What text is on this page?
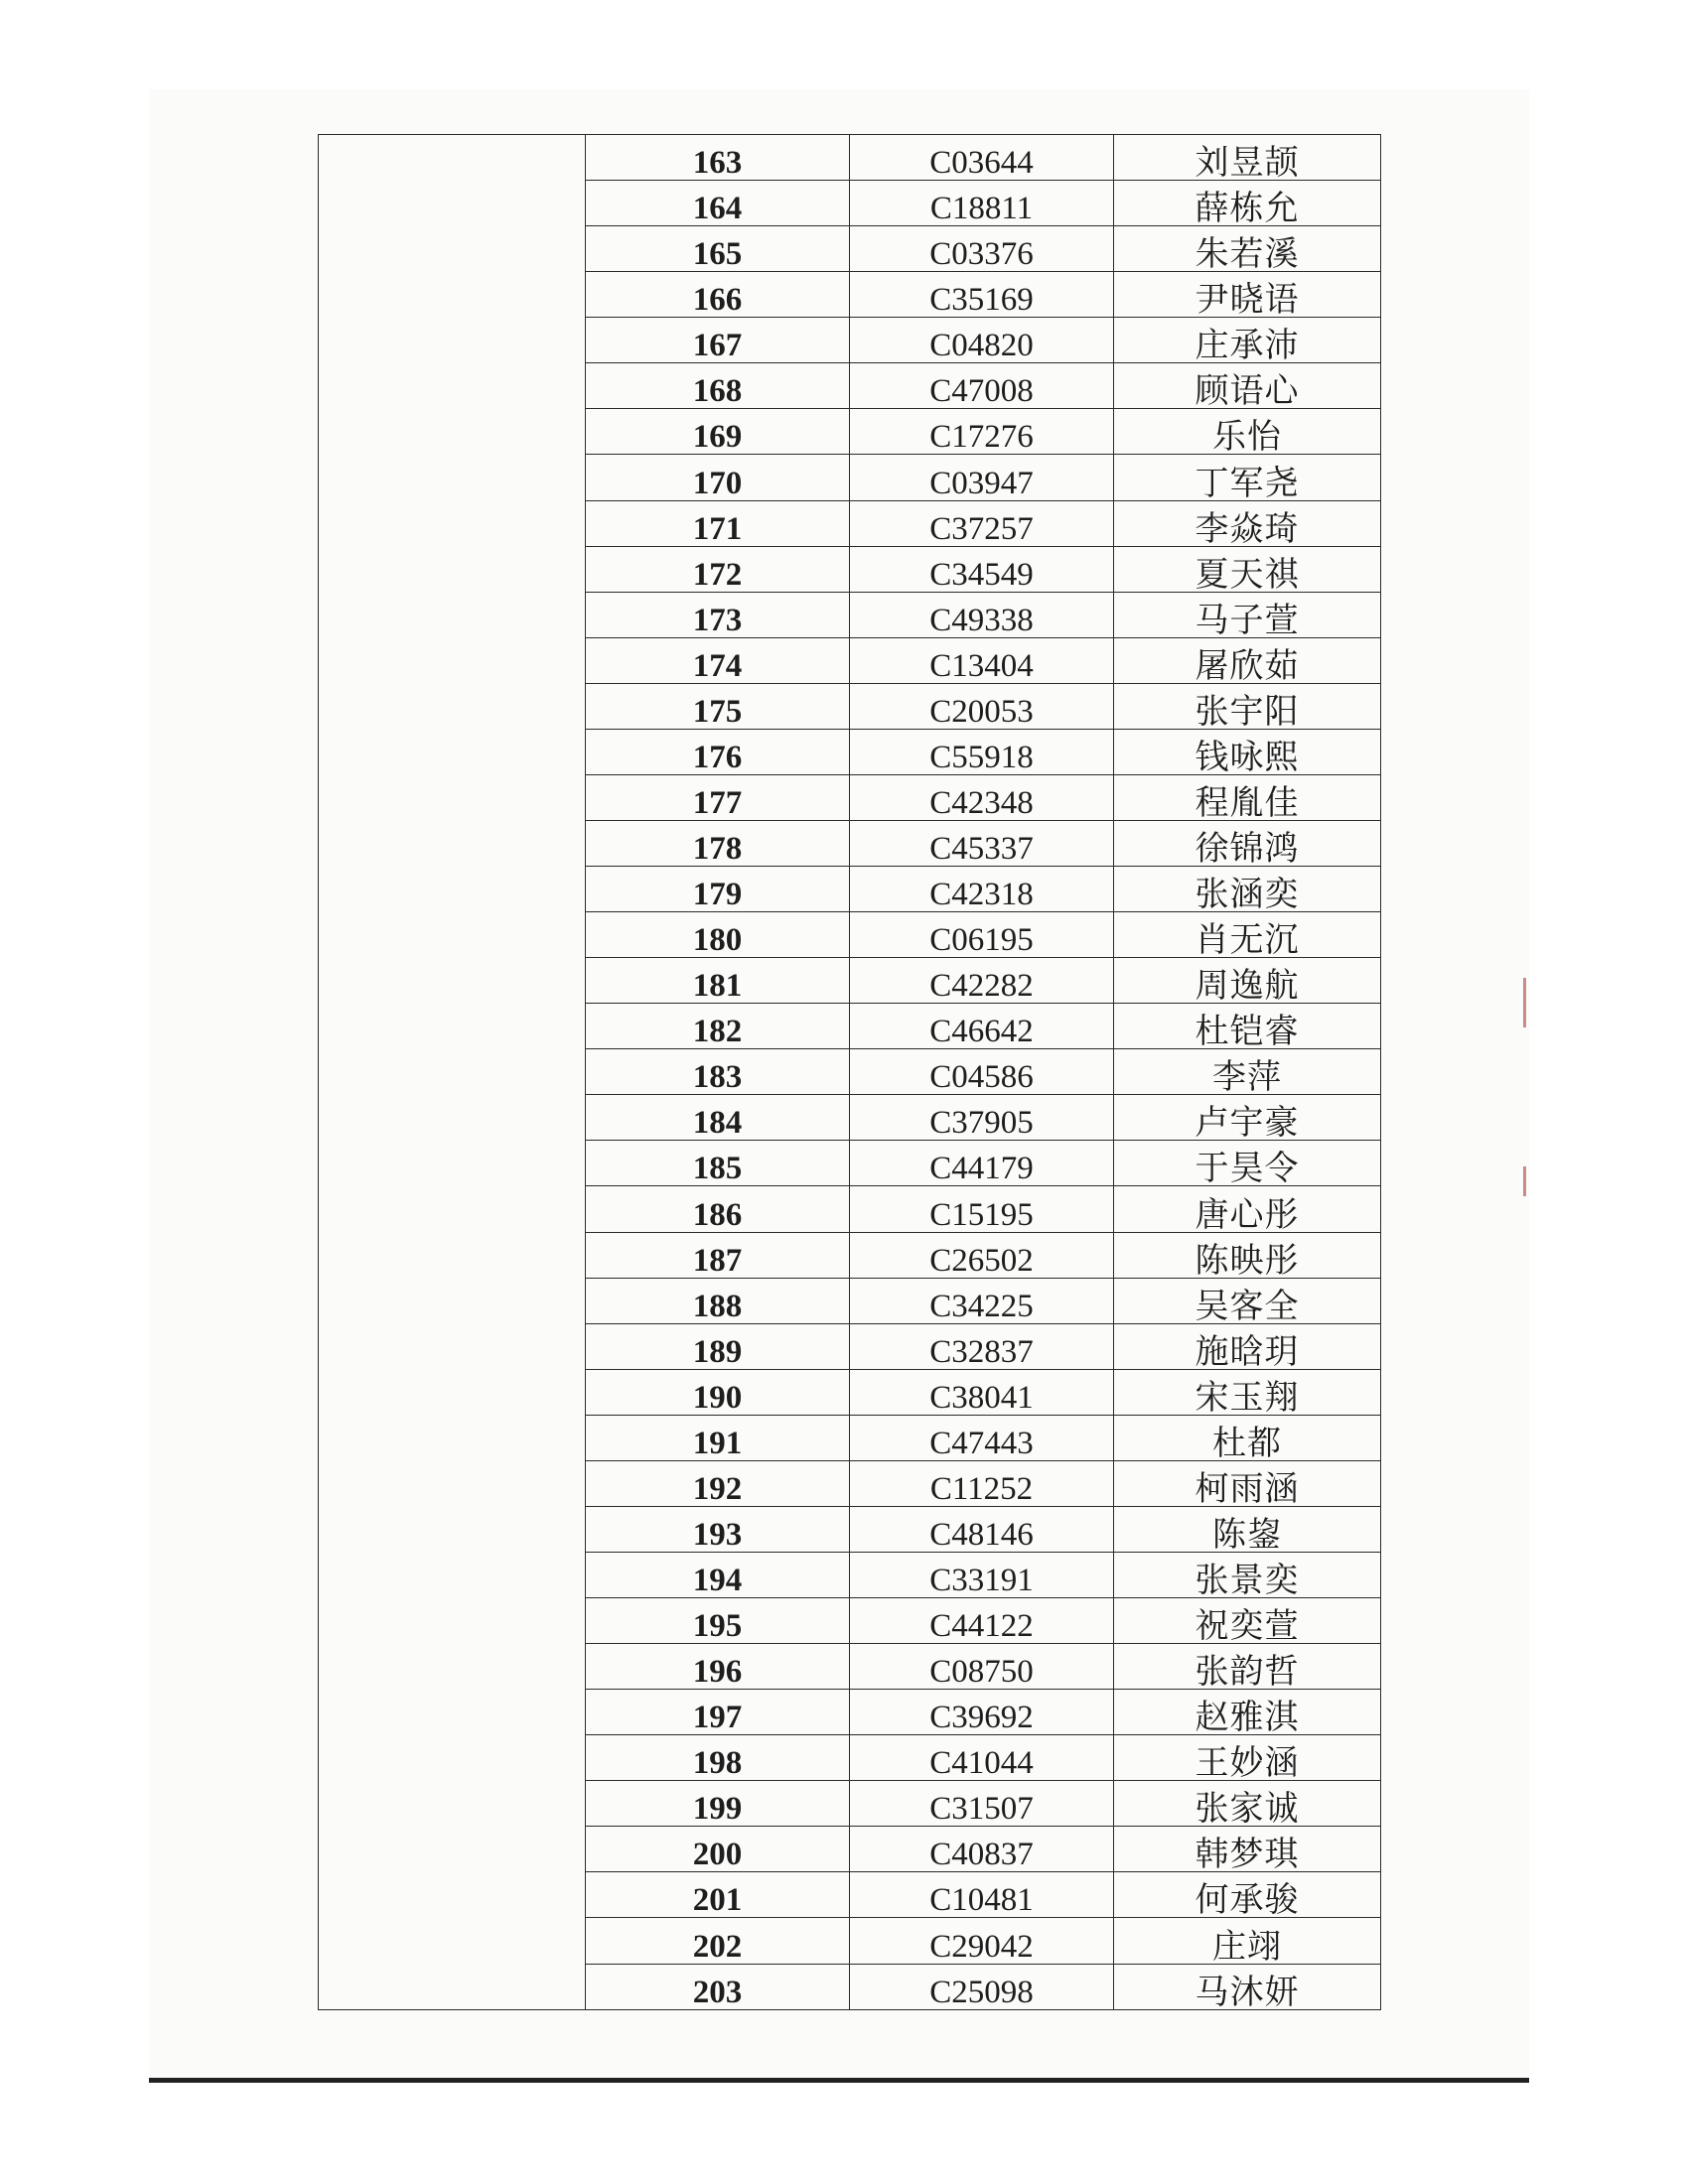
	163	C03644	刘昱颉
	164	C18811	薛栋允
	165	C03376	朱若溪
	166	C35169	尹晓语
	167	C04820	庄承沛
	168	C47008	顾语心
	169	C17276	乐怡
	170	C03947	丁军尧
	171	C37257	李焱琦
	172	C34549	夏天祺
	173	C49338	马子萱
	174	C13404	屠欣茹
	175	C20053	张宇阳
	176	C55918	钱咏熙
	177	C42348	程胤佳
	178	C45337	徐锦鸿
	179	C42318	张涵奕
	180	C06195	肖无沉
	181	C42282	周逸航
	182	C46642	杜铠睿
	183	C04586	李萍
	184	C37905	卢宇豪
	185	C44179	于昊令
	186	C15195	唐心彤
	187	C26502	陈映彤
	188	C34225	吴客全
	189	C32837	施晗玥
	190	C38041	宋玉翔
	191	C47443	杜都
	192	C11252	柯雨涵
	193	C48146	陈鋆
	194	C33191	张景奕
	195	C44122	祝奕萱
	196	C08750	张韵哲
	197	C39692	赵雅淇
	198	C41044	王妙涵
	199	C31507	张家诚
	200	C40837	韩梦琪
	201	C10481	何承骏
	202	C29042	庄翊
	203	C25098	马沐妍
